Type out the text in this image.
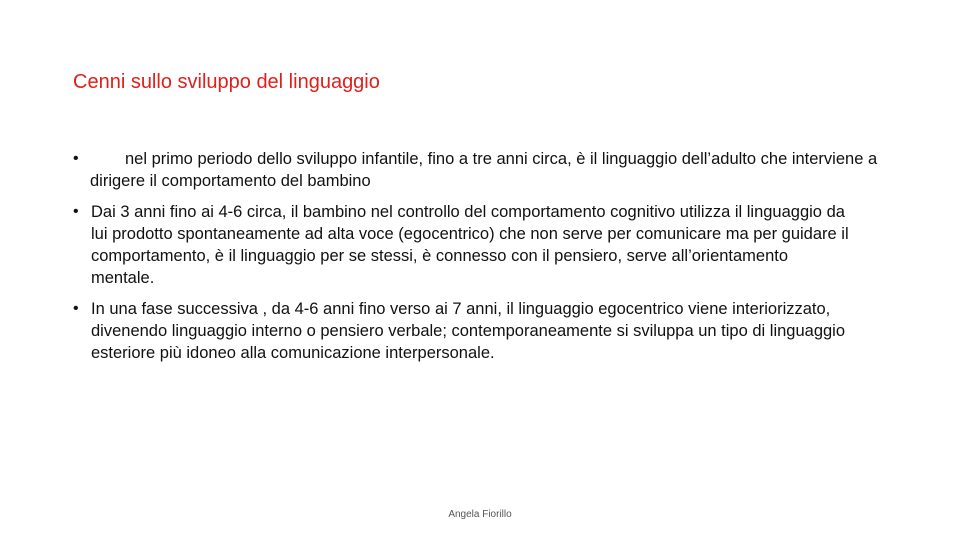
Cenni sullo sviluppo del linguaggio
•	nel primo periodo dello sviluppo infantile, fino a tre anni circa, è il linguaggio dell’adulto che interviene a dirigere il comportamento del bambino
• Dai 3 anni fino ai 4-6 circa, il bambino nel controllo del comportamento cognitivo utilizza il linguaggio da lui prodotto spontaneamente ad alta voce (egocentrico) che non serve per comunicare ma per guidare il comportamento, è il linguaggio per se stessi, è connesso con il pensiero, serve all’orientamento mentale.
• In una fase successiva , da 4-6 anni fino verso ai 7 anni, il linguaggio egocentrico viene interiorizzato, divenendo linguaggio interno o pensiero verbale; contemporaneamente si sviluppa un tipo di linguaggio esteriore più idoneo alla comunicazione interpersonale.
Angela Fiorillo
